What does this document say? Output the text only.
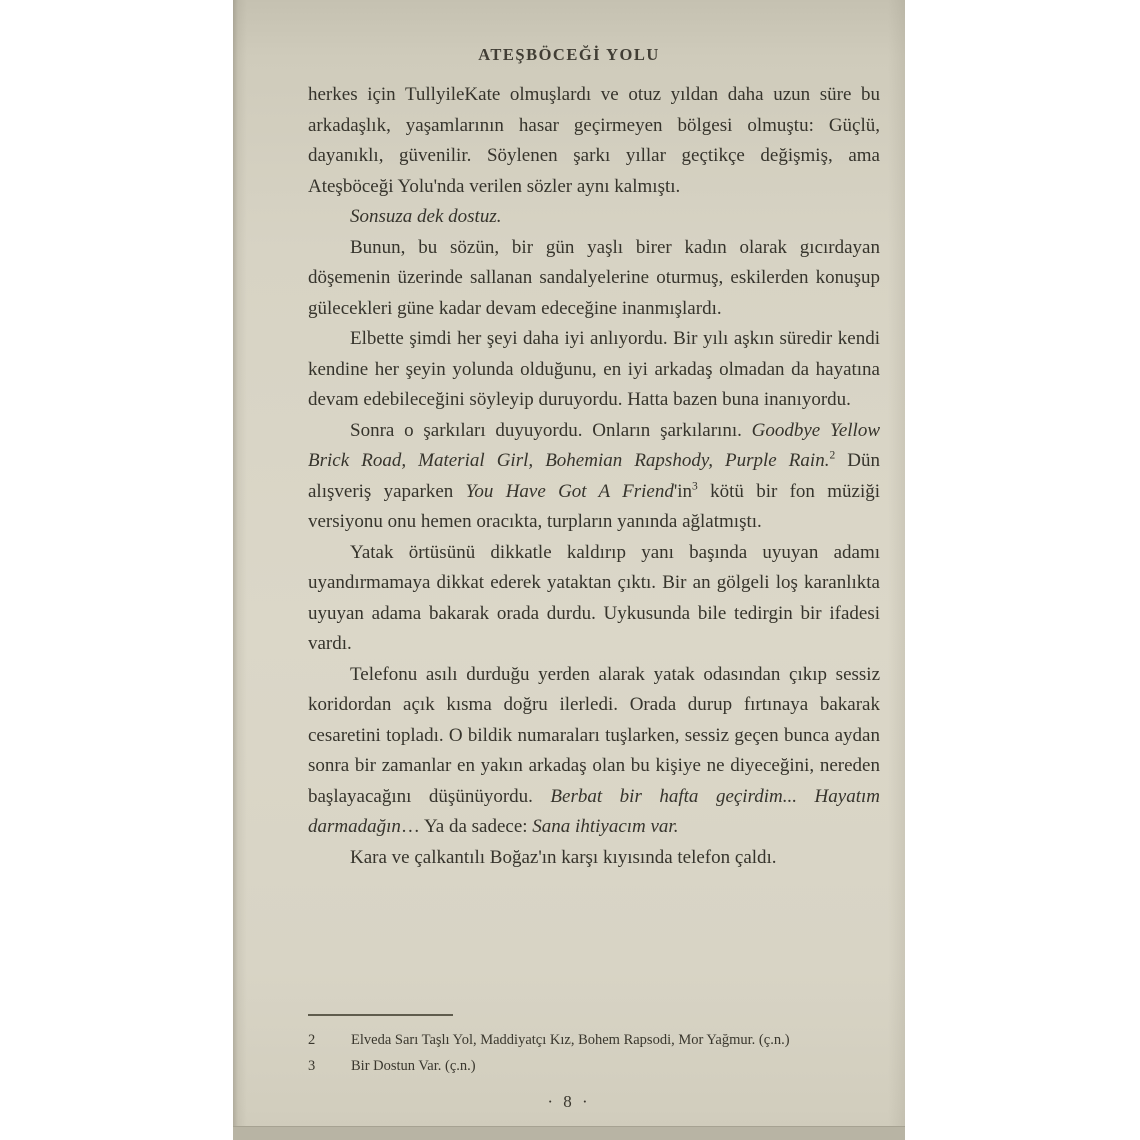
ATEŞBÖCEĞİ YOLU

herkes için TullyileKate olmuşlardı ve otuz yıldan daha uzun süre bu arkadaşlık, yaşamlarının hasar geçirmeyen bölgesi olmuştu: Güçlü, dayanıklı, güvenilir. Söylenen şarkı yıllar geçtikçe değişmiş, ama Ateşböceği Yolu'nda verilen sözler aynı kalmıştı.

Sonsuza dek dostuz.

Bunun, bu sözün, bir gün yaşlı birer kadın olarak gıcırdayan döşemenin üzerinde sallanan sandalyelerine oturmuş, eskilerden konuşup gülecekleri güne kadar devam edeceğine inanmışlardı.

Elbette şimdi her şeyi daha iyi anlıyordu. Bir yılı aşkın süredir kendi kendine her şeyin yolunda olduğunu, en iyi arkadaş olmadan da hayatına devam edebileceğini söyleyip duruyordu. Hatta bazen buna inanıyordu.

Sonra o şarkıları duyuyordu. Onların şarkılarını. Goodbye Yellow Brick Road, Material Girl, Bohemian Rapshody, Purple Rain.$^2$ Dün alışveriş yaparken You Have Got A Friend'in$^3$ kötü bir fon müziği versiyonu onu hemen oracıkta, turpların yanında ağlatmıştı.

Yatak örtüsünü dikkatle kaldırıp yanı başında uyuyan adamı uyandırmamaya dikkat ederek yataktan çıktı. Bir an gölgeli loş karanlıkta uyuyan adama bakarak orada durdu. Uykusunda bile tedirgin bir ifadesi vardı.

Telefonu asılı durduğu yerden alarak yatak odasından çıkıp sessiz koridordan açık kısma doğru ilerledi. Orada durup fırtınaya bakarak cesaretini topladı. O bildik numaraları tuşlarken, sessiz geçen bunca aydan sonra bir zamanlar en yakın arkadaş olan bu kişiye ne diyeceğini, nereden başlayacağını düşünüyordu. Berbat bir hafta geçirdim... Hayatım darmadağın… Ya da sadece: Sana ihtiyacım var.

Kara ve çalkantılı Boğaz'ın karşı kıyısında telefon çaldı.

2	Elveda Sarı Taşlı Yol, Maddiyatçı Kız, Bohem Rapsodi, Mor Yağmur. (ç.n.)
3	Bir Dostun Var. (ç.n.)
· 8 ·
